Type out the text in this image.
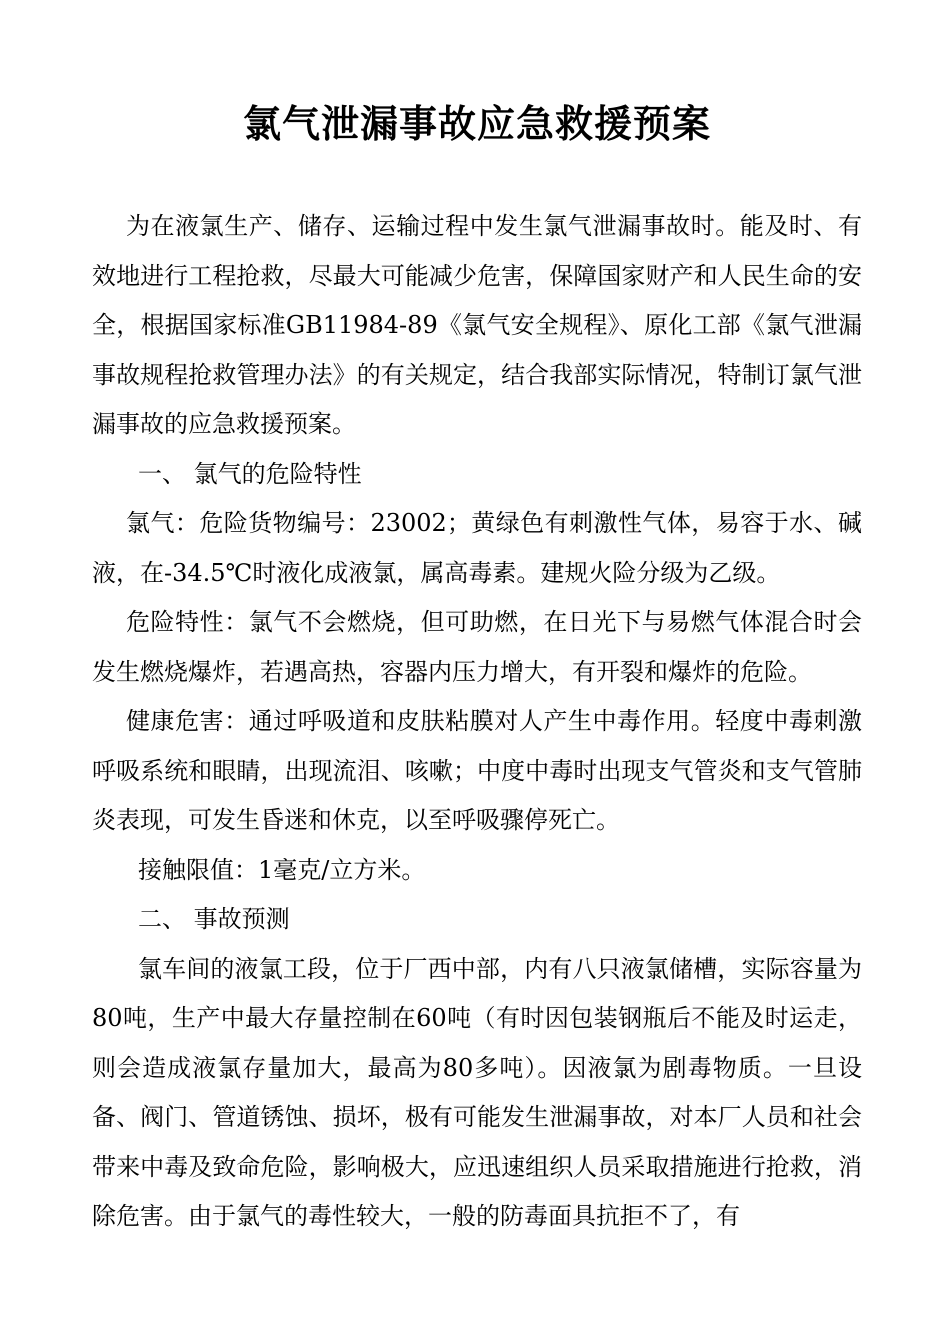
氯气泄漏事故应急救援预案

为在液氯生产、储存、运输过程中发生氯气泄漏事故时。能及时、有效地进行工程抢救，尽最大可能减少危害，保障国家财产和人民生命的安全，根据国家标准GB11984-89《氯气安全规程》、原化工部《氯气泄漏事故规程抢救管理办法》的有关规定，结合我部实际情况，特制订氯气泄漏事故的应急救援预案。

一、 氯气的危险特性

氯气：危险货物编号：23002；黄绿色有刺激性气体，易容于水、碱液，在-34.5℃时液化成液氯，属高毒素。建规火险分级为乙级。

危险特性：氯气不会燃烧，但可助燃，在日光下与易燃气体混合时会发生燃烧爆炸，若遇高热，容器内压力增大，有开裂和爆炸的危险。

健康危害：通过呼吸道和皮肤粘膜对人产生中毒作用。轻度中毒刺激呼吸系统和眼睛，出现流泪、咳嗽；中度中毒时出现支气管炎和支气管肺炎表现，可发生昏迷和休克，以至呼吸骤停死亡。

接触限值：1毫克/立方米。

二、 事故预测

氯车间的液氯工段，位于厂西中部，内有八只液氯储槽，实际容量为80吨，生产中最大存量控制在60吨（有时因包装钢瓶后不能及时运走，则会造成液氯存量加大，最高为80多吨）。因液氯为剧毒物质。一旦设备、阀门、管道锈蚀、损坏，极有可能发生泄漏事故，对本厂人员和社会带来中毒及致命危险，影响极大，应迅速组织人员采取措施进行抢救，消除危害。由于氯气的毒性较大，一般的防毒面具抗拒不了，有
